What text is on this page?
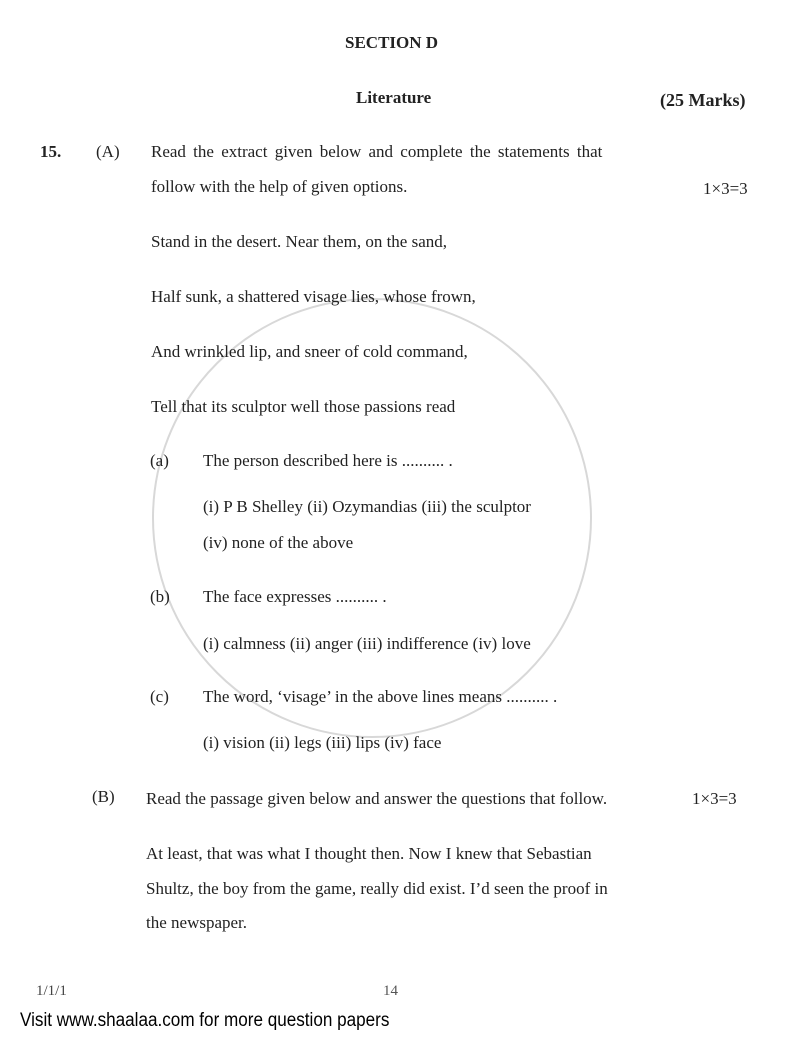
SECTION D
Literature	(25 Marks)
15. (A) Read the extract given below and complete the statements that
follow with the help of given options.	1×3=3
Stand in the desert. Near them, on the sand,
Half sunk, a shattered visage lies, whose frown,
And wrinkled lip, and sneer of cold command,
Tell that its sculptor well those passions read
(a) The person described here is .......... .
(i) P B Shelley (ii) Ozymandias (iii) the sculptor
(iv) none of the above
(b) The face expresses .......... .
(i) calmness (ii) anger (iii) indifference (iv) love
(c) The word, ‘visage’ in the above lines means .......... .
(i) vision (ii) legs (iii) lips (iv) face
(B) Read the passage given below and answer the questions that follow.	1×3=3
At least, that was what I thought then. Now I knew that Sebastian
Shultz, the boy from the game, really did exist. I’d seen the proof in
the newspaper.
1/1/1	14
Visit www.shaalaa.com for more question papers
